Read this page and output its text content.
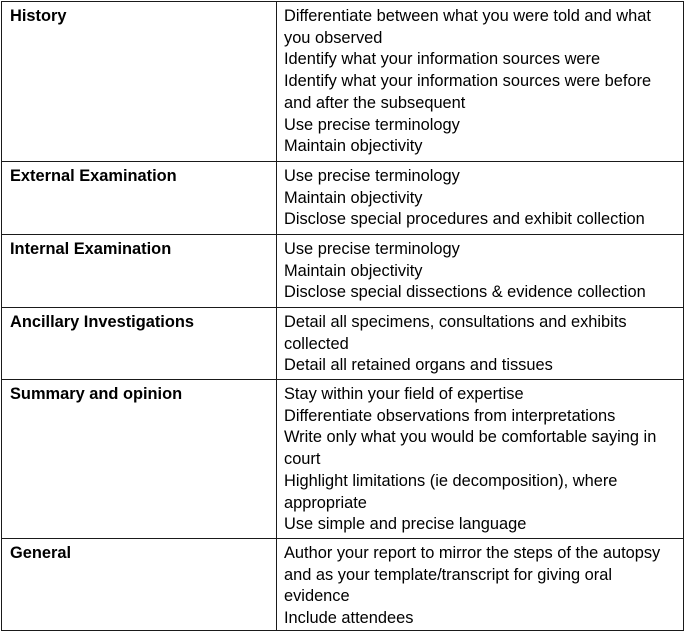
History	Differentiate between what you were told and what you observed
Identify what your information sources were
Identify what your information sources were before and after the subsequent
Use precise terminology
Maintain objectivity

External Examination	Use precise terminology
Maintain objectivity
Disclose special procedures and exhibit collection

Internal Examination	Use precise terminology
Maintain objectivity
Disclose special dissections & evidence collection

Ancillary Investigations	Detail all specimens, consultations and exhibits collected
Detail all retained organs and tissues

Summary and opinion	Stay within your field of expertise
Differentiate observations from interpretations
Write only what you would be comfortable saying in court
Highlight limitations (ie decomposition), where appropriate
Use simple and precise language

General	Author your report to mirror the steps of the autopsy and as your template/transcript for giving oral evidence
Include attendees
